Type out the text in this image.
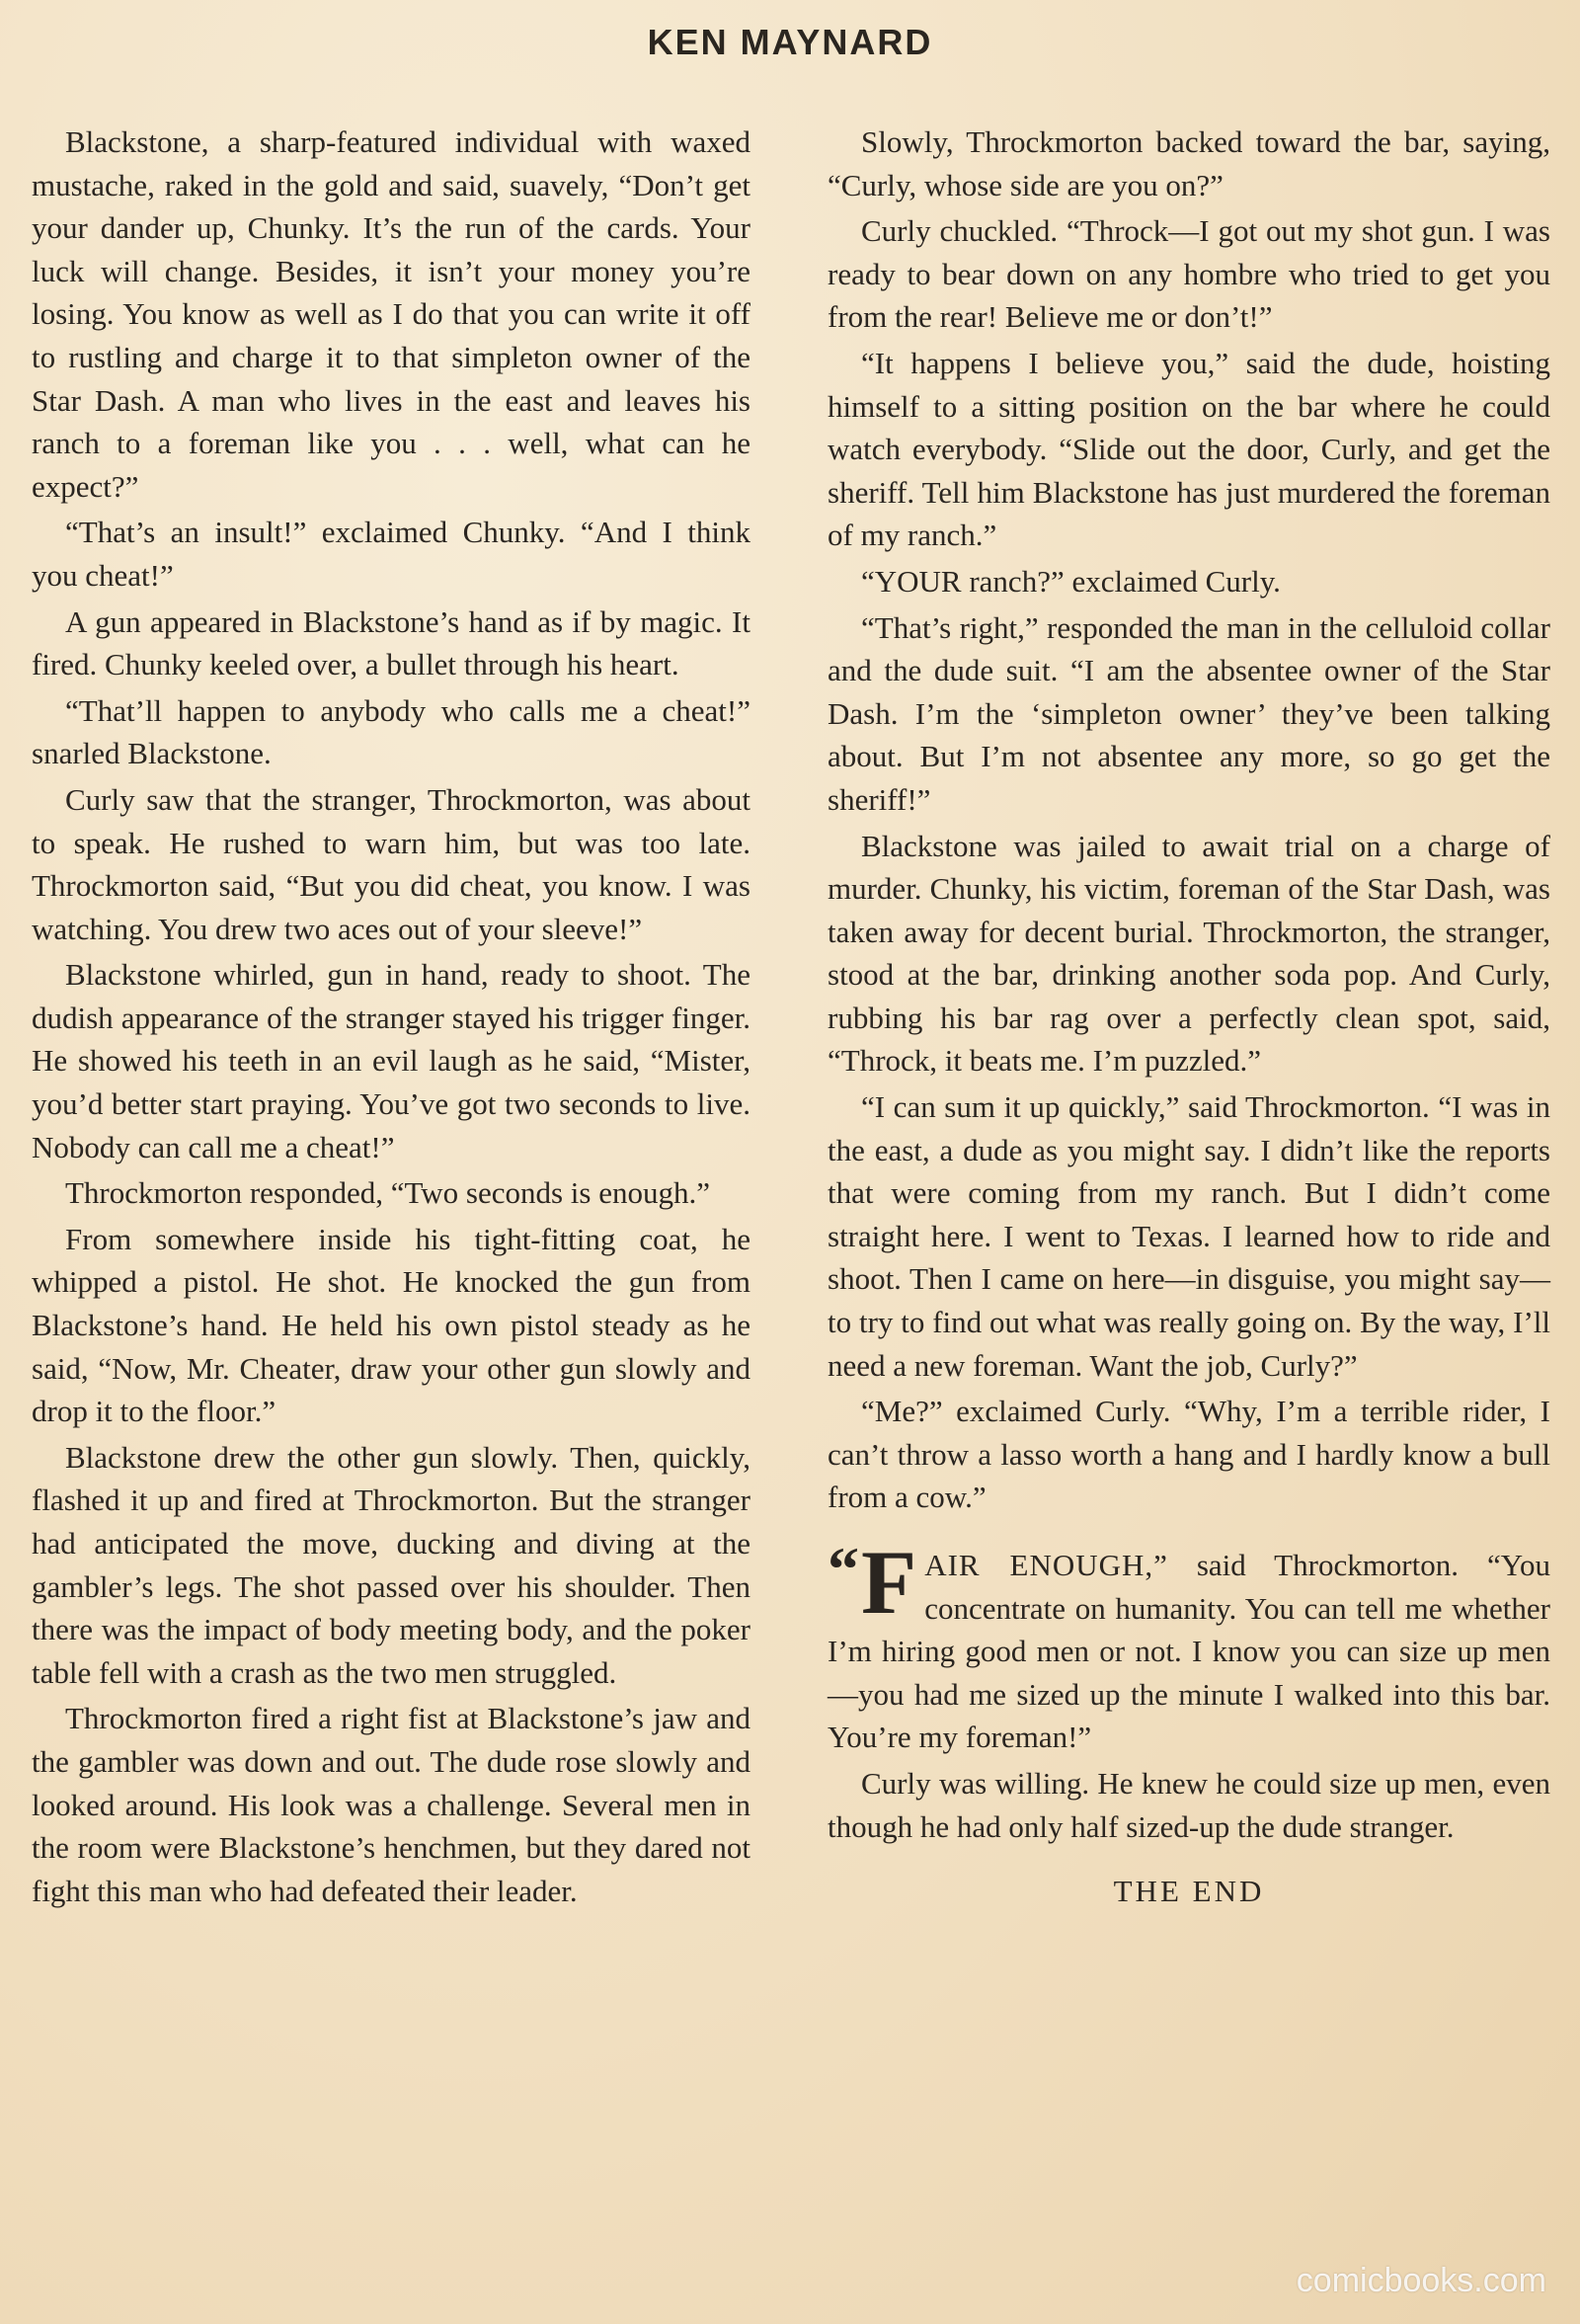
KEN MAYNARD

Blackstone, a sharp-featured individual with waxed mustache, raked in the gold and said, suavely, “Don’t get your dander up, Chunky. It’s the run of the cards. Your luck will change. Besides, it isn’t your money you’re losing. You know as well as I do that you can write it off to rustling and charge it to that simpleton owner of the Star Dash. A man who lives in the east and leaves his ranch to a foreman like you . . . well, what can he expect?”

“That’s an insult!” exclaimed Chunky. “And I think you cheat!”

A gun appeared in Blackstone’s hand as if by magic. It fired. Chunky keeled over, a bullet through his heart.

“That’ll happen to anybody who calls me a cheat!” snarled Blackstone.

Curly saw that the stranger, Throckmorton, was about to speak. He rushed to warn him, but was too late. Throckmorton said, “But you did cheat, you know. I was watching. You drew two aces out of your sleeve!”

Blackstone whirled, gun in hand, ready to shoot. The dudish appearance of the stranger stayed his trigger finger. He showed his teeth in an evil laugh as he said, “Mister, you’d better start praying. You’ve got two seconds to live. Nobody can call me a cheat!”

Throckmorton responded, “Two seconds is enough.”

From somewhere inside his tight-fitting coat, he whipped a pistol. He shot. He knocked the gun from Blackstone’s hand. He held his own pistol steady as he said, “Now, Mr. Cheater, draw your other gun slowly and drop it to the floor.”

Blackstone drew the other gun slowly. Then, quickly, flashed it up and fired at Throckmorton. But the stranger had anticipated the move, ducking and diving at the gambler’s legs. The shot passed over his shoulder. Then there was the impact of body meeting body, and the poker table fell with a crash as the two men struggled.

Throckmorton fired a right fist at Blackstone’s jaw and the gambler was down and out. The dude rose slowly and looked around. His look was a challenge. Several men in the room were Blackstone’s henchmen, but they dared not fight this man who had defeated their leader.

Slowly, Throckmorton backed toward the bar, saying, “Curly, whose side are you on?”

Curly chuckled. “Throck—I got out my shot gun. I was ready to bear down on any hombre who tried to get you from the rear! Believe me or don’t!”

“It happens I believe you,” said the dude, hoisting himself to a sitting position on the bar where he could watch everybody. “Slide out the door, Curly, and get the sheriff. Tell him Blackstone has just murdered the foreman of my ranch.”

“YOUR ranch?” exclaimed Curly.

“That’s right,” responded the man in the celluloid collar and the dude suit. “I am the absentee owner of the Star Dash. I’m the ‘simpleton owner’ they’ve been talking about. But I’m not absentee any more, so go get the sheriff!”

Blackstone was jailed to await trial on a charge of murder. Chunky, his victim, foreman of the Star Dash, was taken away for decent burial. Throckmorton, the stranger, stood at the bar, drinking another soda pop. And Curly, rubbing his bar rag over a perfectly clean spot, said, “Throck, it beats me. I’m puzzled.”

“I can sum it up quickly,” said Throckmorton. “I was in the east, a dude as you might say. I didn’t like the reports that were coming from my ranch. But I didn’t come straight here. I went to Texas. I learned how to ride and shoot. Then I came on here—in disguise, you might say—to try to find out what was really going on. By the way, I’ll need a new foreman. Want the job, Curly?”

“Me?” exclaimed Curly. “Why, I’m a terrible rider, I can’t throw a lasso worth a hang and I hardly know a bull from a cow.”

“ F AIR ENOUGH,” said Throckmorton. “You concentrate on humanity. You can tell me whether I’m hiring good men or not. I know you can size up men—you had me sized up the minute I walked into this bar. You’re my foreman!”

Curly was willing. He knew he could size up men, even though he had only half sized-up the dude stranger.

THE END
comicbooks.com
